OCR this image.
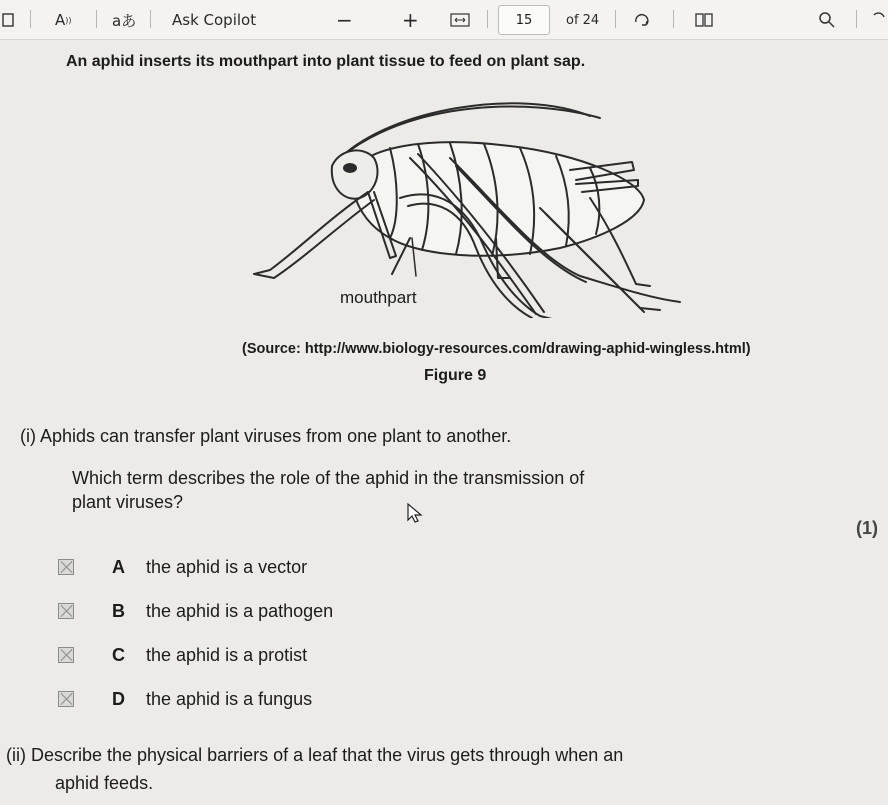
A ))	aあ Ask Copilot	− +	15	of 24
An aphid inserts its mouthpart into plant tissue to feed on plant sap.
mouthpart
(Source: http://www.biology-resources.com/drawing-aphid-wingless.html)
Figure 9
(i) Aphids can transfer plant viruses from one plant to another.
Which term describes the role of the aphid in the transmission of
plant viruses?
(1)
A	the aphid is a vector
B	the aphid is a pathogen
C	the aphid is a protist
D	the aphid is a fungus
(ii) Describe the physical barriers of a leaf that the virus gets through when an
aphid feeds.
